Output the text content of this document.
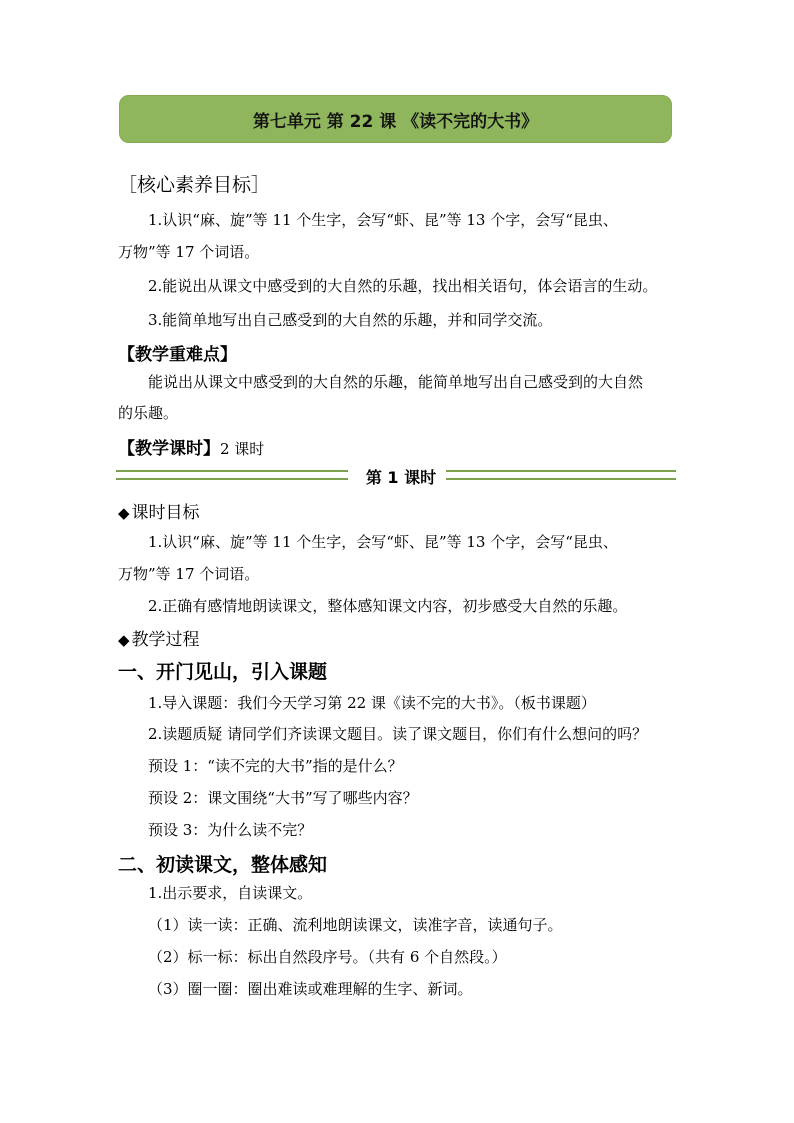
第七单元 第 22 课 《读不完的大书》
［核心素养目标］
1.认识“麻、旋”等 11 个生字，会写“虾、昆”等 13 个字，会写“昆虫、
万物”等 17 个词语。
2.能说出从课文中感受到的大自然的乐趣，找出相关语句，体会语言的生动。
3.能简单地写出自己感受到的大自然的乐趣，并和同学交流。
【教学重难点】
能说出从课文中感受到的大自然的乐趣，能简单地写出自己感受到的大自然
的乐趣。
【教学课时】2 课时
第 1 课时
◆ 课时目标
1.认识“麻、旋”等 11 个生字，会写“虾、昆”等 13 个字，会写“昆虫、
万物”等 17 个词语。
2.正确有感情地朗读课文，整体感知课文内容，初步感受大自然的乐趣。
◆ 教学过程
一、开门见山，引入课题
1.导入课题：我们今天学习第 22 课《读不完的大书》。（板书课题）
2.读题质疑 请同学们齐读课文题目。读了课文题目，你们有什么想问的吗？
预设 1：“读不完的大书”指的是什么？
预设 2：课文围绕“大书”写了哪些内容？
预设 3：为什么读不完？
二、初读课文，整体感知
1.出示要求，自读课文。
（1）读一读：正确、流利地朗读课文，读准字音，读通句子。
（2）标一标：标出自然段序号。（共有 6 个自然段。）
（3）圈一圈：圈出难读或难理解的生字、新词。
